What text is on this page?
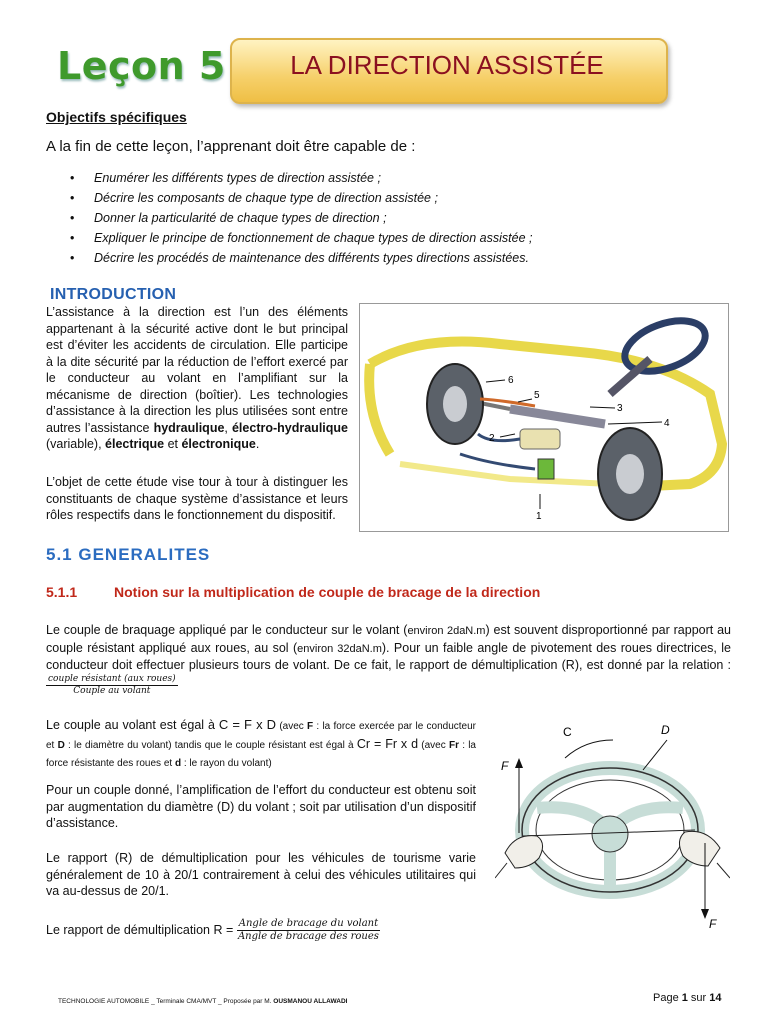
Leçon 5	LA DIRECTION ASSISTÉE
Objectifs spécifiques
A la fin de cette leçon, l’apprenant doit être capable de :
• Enumérer les différents types de direction assistée ;
• Décrire les composants de chaque type de direction assistée ;
• Donner la particularité de chaque types de direction ;
• Expliquer le principe de fonctionnement de chaque types de direction assistée ;
• Décrire les procédés de maintenance des différents types directions assistées.
INTRODUCTION
L’assistance à la direction est l’un des éléments appartenant à la sécurité active dont le but principal est d’éviter les accidents de circulation. Elle participe à la dite sécurité par la réduction de l’effort exercé par le conducteur au volant en l’amplifiant sur la mécanisme de direction (boîtier). Les technologies d’assistance à la direction les plus utilisées sont entre autres l’assistance hydraulique, électro-hydraulique (variable), électrique et électronique.
L’objet de cette étude vise tour à tour à distinguer les constituants de chaque système d’assistance et leurs rôles respectifs dans le fonctionnement du dispositif.	1
2
3
4
5
6
5.1 GENERALITES
5.1.1	Notion sur la multiplication de couple de bracage de la direction
Le couple de braquage appliqué par le conducteur sur le volant (environ 2daN.m) est souvent disproportionné par rapport au couple résistant appliqué aux roues, au sol (environ 32daN.m). Pour un faible angle de pivotement des roues directrices, le conducteur doit effectuer plusieurs tours de volant. De ce fait, le rapport de démultiplication (R), est donné par la relation :
$\frac{\text{couple résistant (aux roues)}}{\text{Couple au volant}}$
Le couple au volant est égal à C = F x D (avec F : la force exercée par le conducteur et D : le diamètre du volant) tandis que le couple résistant est égal à Cr = Fr x d (avec Fr : la force résistante des roues et d : le rayon du volant)
Pour un couple donné, l’amplification de l’effort du conducteur est obtenu soit par augmentation du diamètre (D) du volant ; soit par utilisation d’un dispositif d’assistance.
Le rapport (R) de démultiplication pour les véhicules de tourisme varie généralement de 10 à 20/1 contrairement à celui des véhicules utilitaires qui va au-dessus de 20/1.
Le rapport de démultiplication $R = \frac{\text{Angle de bracage du volant}}{\text{Angle de bracage des roues}}$
C	D
F
F
TECHNOLOGIE AUTOMOBILE _ Terminale CMA/MVT _ Proposée par M. OUSMANOU ALLAWADI	Page 1 sur 14
